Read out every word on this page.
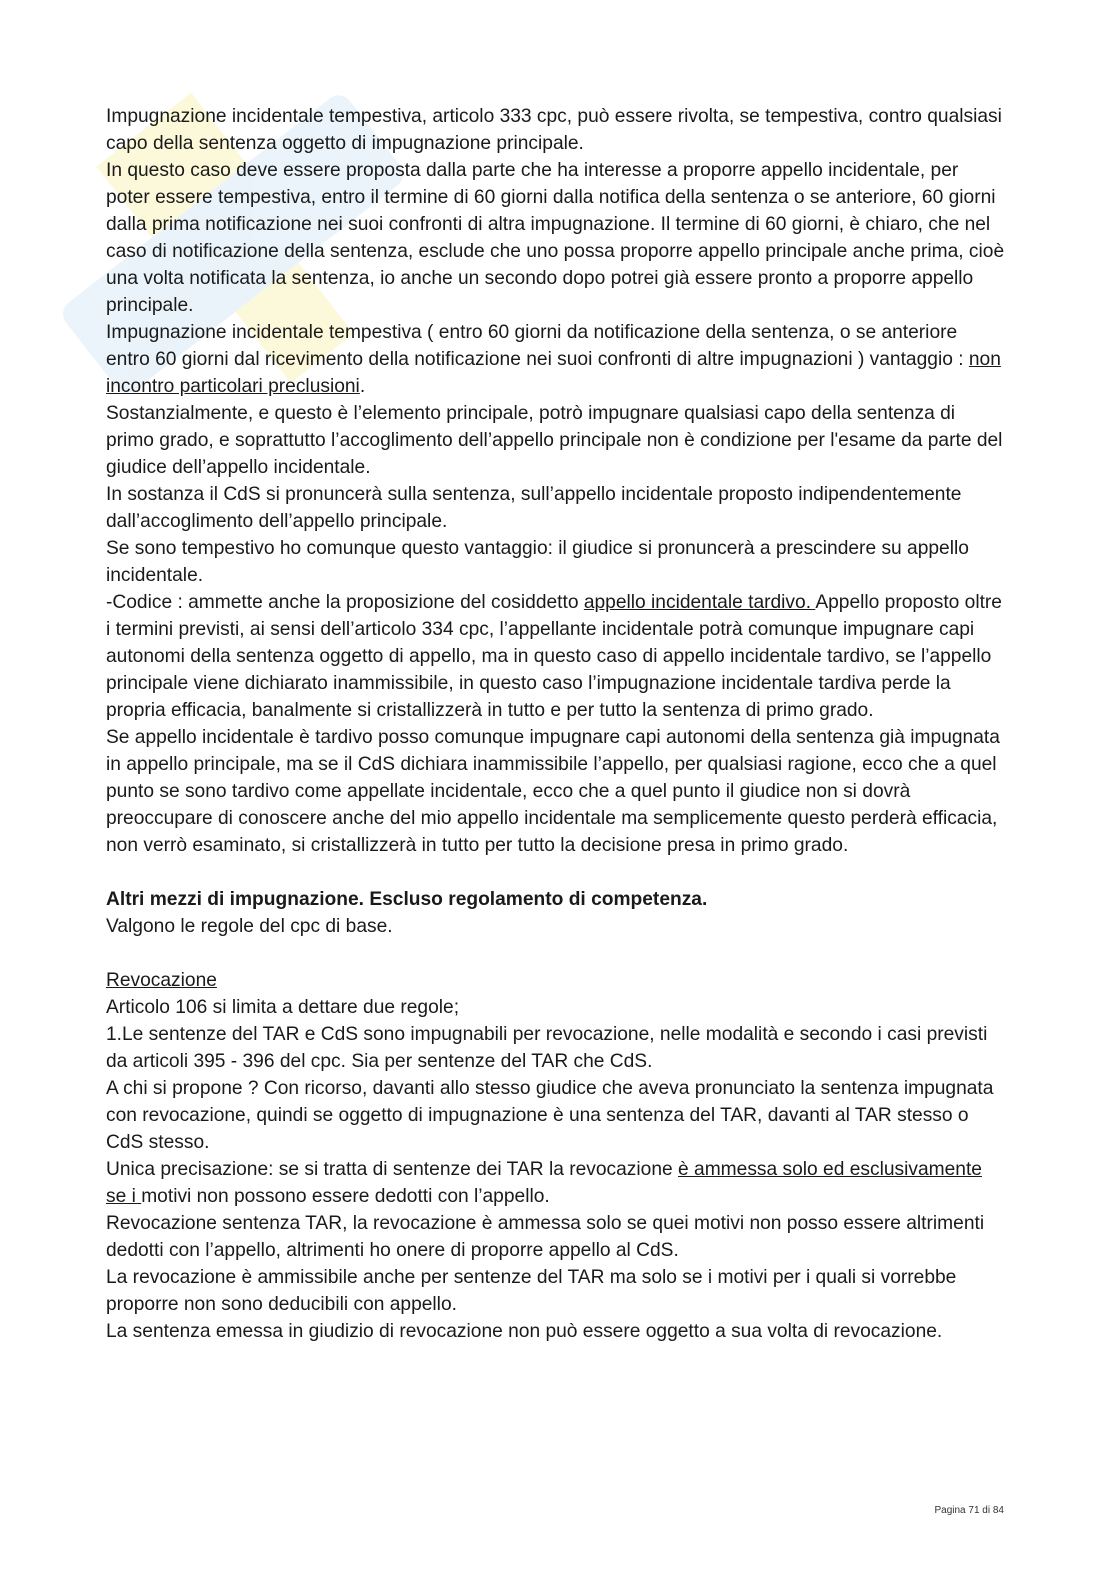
Impugnazione incidentale tempestiva, articolo 333 cpc, può essere rivolta, se tempestiva, contro qualsiasi capo della sentenza oggetto di impugnazione principale.

In questo caso deve essere proposta dalla parte che ha interesse a proporre appello incidentale, per poter essere tempestiva, entro il termine di 60 giorni dalla notifica della sentenza o se anteriore, 60 giorni dalla prima notificazione nei suoi confronti di altra impugnazione. Il termine di 60 giorni, è chiaro, che nel caso di notificazione della sentenza, esclude che uno possa proporre appello principale anche prima, cioè una volta notificata la sentenza, io anche un secondo dopo potrei già essere pronto a proporre appello principale.

Impugnazione incidentale tempestiva ( entro 60 giorni da notificazione della sentenza, o se anteriore entro 60 giorni dal ricevimento della notificazione nei suoi confronti di altre impugnazioni ) vantaggio : non incontro particolari preclusioni.

Sostanzialmente, e questo è l’elemento principale, potrò impugnare qualsiasi capo della sentenza di primo grado, e soprattutto l’accoglimento dell’appello principale non è condizione per l'esame da parte del giudice dell’appello incidentale.

In sostanza il CdS si pronuncerà sulla sentenza, sull’appello incidentale proposto indipendentemente dall’accoglimento dell’appello principale.

Se sono tempestivo ho comunque questo vantaggio: il giudice si pronuncerà a prescindere su appello incidentale.

-Codice : ammette anche la proposizione del cosiddetto appello incidentale tardivo. Appello proposto oltre i termini previsti, ai sensi dell’articolo 334 cpc, l’appellante incidentale potrà comunque impugnare capi autonomi della sentenza oggetto di appello, ma in questo caso di appello incidentale tardivo, se l’appello principale viene dichiarato inammissibile, in questo caso l’impugnazione incidentale tardiva perde la propria efficacia, banalmente si cristallizzerà in tutto e per tutto la sentenza di primo grado.

Se appello incidentale è tardivo posso comunque impugnare capi autonomi della sentenza già impugnata in appello principale, ma se il CdS dichiara inammissibile l’appello, per qualsiasi ragione, ecco che a quel punto se sono tardivo come appellate incidentale, ecco che a quel punto il giudice non si dovrà preoccupare di conoscere anche del mio appello incidentale ma semplicemente questo perderà efficacia, non verrò esaminato, si cristallizzerà in tutto per tutto la decisione presa in primo grado.

Altri mezzi di impugnazione. Escluso regolamento di competenza.

Valgono le regole del cpc di base.

Revocazione

Articolo 106 si limita a dettare due regole;

1.Le sentenze del TAR e CdS sono impugnabili per revocazione, nelle modalità e secondo i casi previsti da articoli 395 - 396 del cpc. Sia per sentenze del TAR che CdS.

A chi si propone ? Con ricorso, davanti allo stesso giudice che aveva pronunciato la sentenza impugnata con revocazione, quindi se oggetto di impugnazione è una sentenza del TAR, davanti al TAR stesso o CdS stesso.

Unica precisazione: se si tratta di sentenze dei TAR la revocazione è ammessa solo ed esclusivamente se i motivi non possono essere dedotti con l’appello.

Revocazione sentenza TAR, la revocazione è ammessa solo se quei motivi non posso essere altrimenti dedotti con l’appello, altrimenti ho onere di proporre appello al CdS.

La revocazione è ammissibile anche per sentenze del TAR ma solo se i motivi per i quali si vorrebbe proporre non sono deducibili con appello.

La sentenza emessa in giudizio di revocazione non può essere oggetto a sua volta di revocazione.

Pagina 71 di 84
